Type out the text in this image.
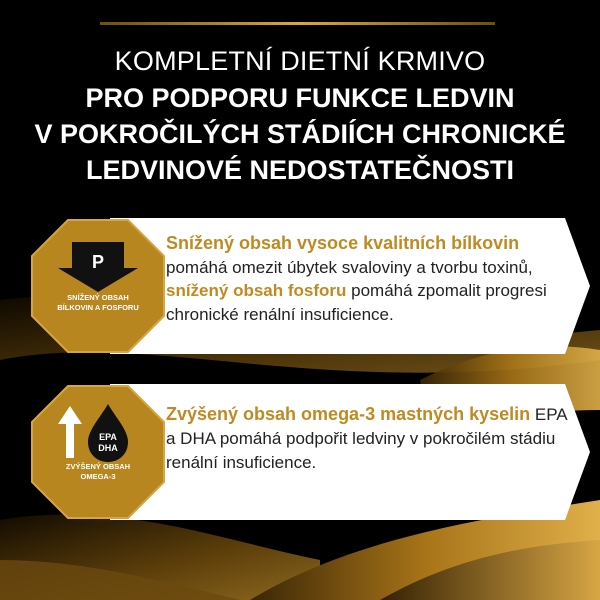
KOMPLETNÍ DIETNÍ KRMIVO
PRO PODPORU FUNKCE LEDVIN
V POKROČILÝCH STÁDIÍCH CHRONICKÉ
LEDVINOVÉ NEDOSTATEČNOSTI
P
SNÍŽENÝ OBSAH
BÍLKOVIN A FOSFORU
Snížený obsah vysoce kvalitních bílkovin pomáhá omezit úbytek svaloviny a tvorbu toxinů, snížený obsah fosforu pomáhá zpomalit progresi chronické renální insuficience.
EPA
DHA
ZVÝŠENÝ OBSAH
OMEGA-3
Zvýšený obsah omega-3 mastných kyselin EPA a DHA pomáhá podpořit ledviny v pokročilém stádiu renální insuficience.
